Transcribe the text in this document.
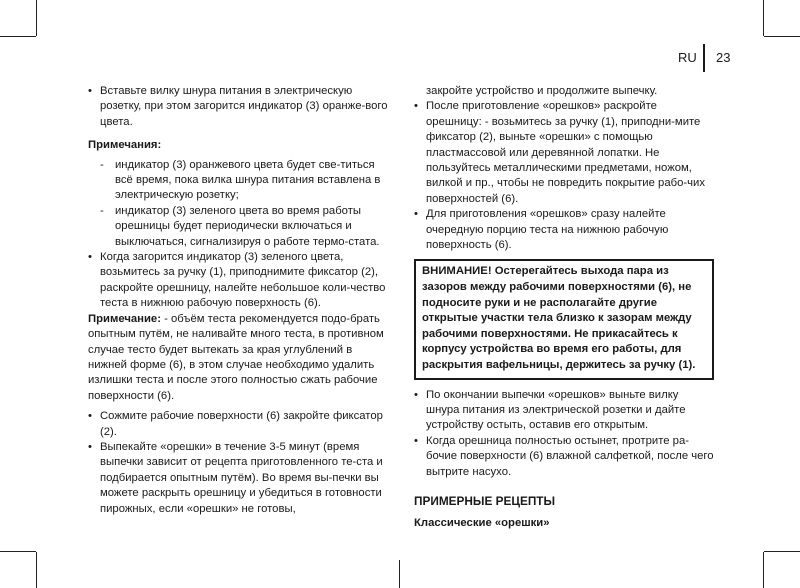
RU 23

• Вставьте вилку шнура питания в электрическую розетку, при этом загорится индикатор (3) оранже-вого цвета.

Примечания:

- индикатор (3) оранжевого цвета будет све-титься всё время, пока вилка шнура питания вставлена в электрическую розетку;

- индикатор (3) зеленого цвета во время работы орешницы будет периодически включаться и выключаться, сигнализируя о работе термо-стата.

• Когда загорится индикатор (3) зеленого цвета, возьмитесь за ручку (1), приподнимите фиксатор (2), раскройте орешницу, налейте небольшое коли-чество теста в нижнюю рабочую поверхность (6).

Примечание: - объём теста рекомендуется подо-брать опытным путём, не наливайте много теста, в противном случае тесто будет вытекать за края углублений в нижней форме (6), в этом случае необходимо удалить излишки теста и после этого полностью сжать рабочие поверхности (6).

• Сожмите рабочие поверхности (6) закройте фиксатор (2).

• Выпекайте «орешки» в течение 3-5 минут (время выпечки зависит от рецепта приготовленного те-ста и подбирается опытным путём). Во время вы-печки вы можете раскрыть орешницу и убедиться в готовности пирожных, если «орешки» не готовы,

закройте устройство и продолжите выпечку.

• После приготовление «орешков» раскройте орешницу: - возьмитесь за ручку (1), приподни-мите фиксатор (2), выньте «орешки» с помощью пластмассовой или деревянной лопатки. Не пользуйтесь металлическими предметами, ножом, вилкой и пр., чтобы не повредить покрытие рабо-чих поверхностей (6).

• Для приготовления «орешков» сразу налейте очередную порцию теста на нижнюю рабочую поверхность (6).

ВНИМАНИЕ! Остерегайтесь выхода пара из зазоров между рабочими поверхностями (6), не подносите руки и не располагайте другие открытые участки тела близко к зазорам между рабочими поверхностями. Не прикасайтесь к корпусу устройства во время его работы, для раскрытия вафельницы, держитесь за ручку (1).

• По окончании выпечки «орешков» выньте вилку шнура питания из электрической розетки и дайте устройству остыть, оставив его открытым.

• Когда орешница полностью остынет, протрите ра-бочие поверхности (6) влажной салфеткой, после чего вытрите насухо.

ПРИМЕРНЫЕ РЕЦЕПТЫ

Классические «орешки»
